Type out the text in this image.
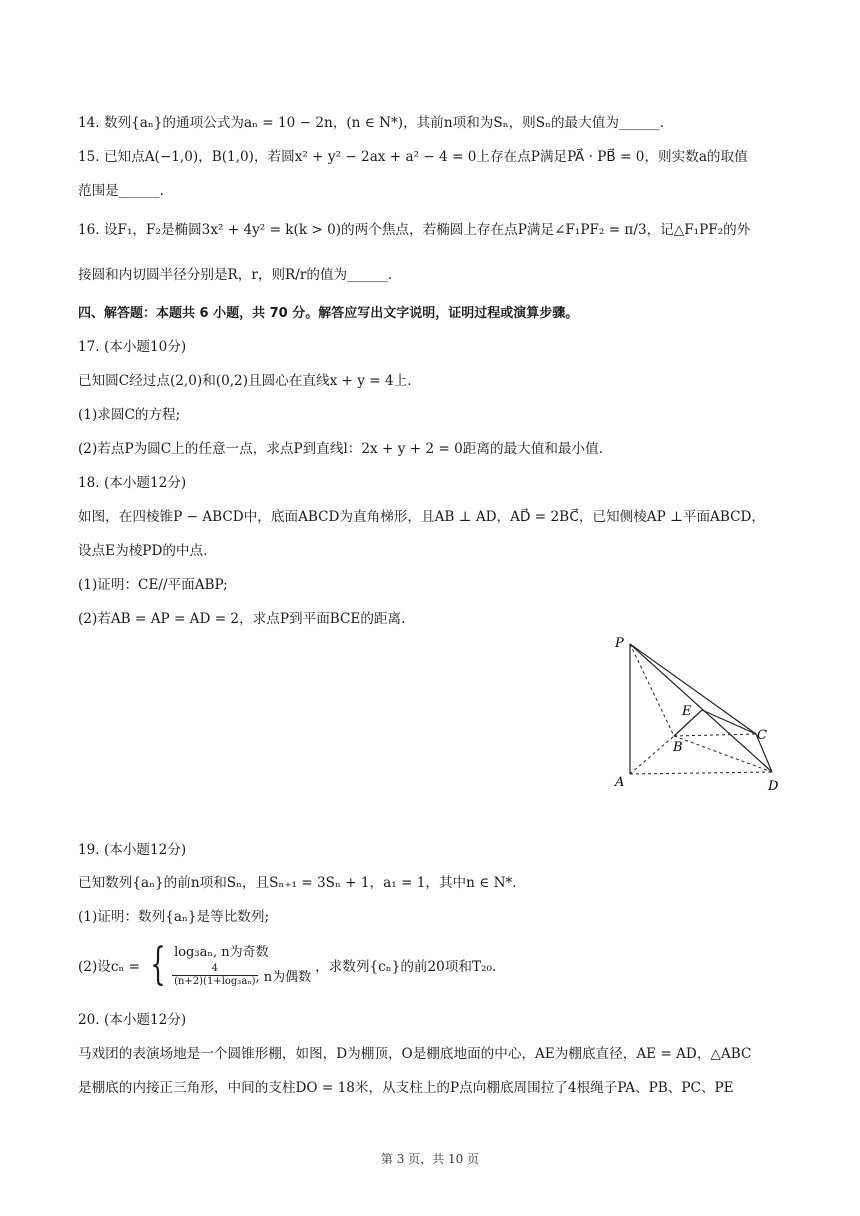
14. 数列{aₙ}的通项公式为aₙ = 10 − 2n，(n ∈ N*)，其前n项和为Sₙ，则Sₙ的最大值为______.
15. 已知点A(−1,0)，B(1,0)，若圆x² + y² − 2ax + a² − 4 = 0上存在点P满足PA⃗ · PB⃗ = 0，则实数a的取值
范围是______.
16. 设F₁，F₂是椭圆3x² + 4y² = k(k > 0)的两个焦点，若椭圆上存在点P满足∠F₁PF₂ = π/3，记△F₁PF₂的外
接圆和内切圆半径分别是R，r，则R/r的值为______.
四、解答题：本题共 6 小题，共 70 分。解答应写出文字说明，证明过程或演算步骤。
17. (本小题10分)
已知圆C经过点(2,0)和(0,2)且圆心在直线x + y = 4上.
(1)求圆C的方程;
(2)若点P为圆C上的任意一点，求点P到直线l：2x + y + 2 = 0距离的最大值和最小值.
18. (本小题12分)
如图，在四棱锥P − ABCD中，底面ABCD为直角梯形，且AB ⊥ AD，AD⃗ = 2BC⃗，已知侧棱AP ⊥平面ABCD，
设点E为棱PD的中点.
(1)证明：CE//平面ABP;
(2)若AB = AP = AD = 2，求点P到平面BCE的距离.
P
A
B
C
D
E
19. (本小题12分)
已知数列{aₙ}的前n项和Sₙ，且Sₙ₊₁ = 3Sₙ + 1，a₁ = 1，其中n ∈ N*.
(1)证明：数列{aₙ}是等比数列;
(2)设cₙ = { log₃aₙ, n为奇数
$\frac{4}{\text{(n+2)(1+log₃aₙ)}}$ , n为偶数
，求数列{cₙ}的前20项和T₂₀.
20. (本小题12分)
马戏团的表演场地是一个圆锥形棚，如图，D为棚顶，O是棚底地面的中心，AE为棚底直径，AE = AD，△ABC
是棚底的内接正三角形，中间的支柱DO = 18米，从支柱上的P点向棚底周围拉了4根绳子PA、PB、PC、PE
第 3 页，共 10 页
